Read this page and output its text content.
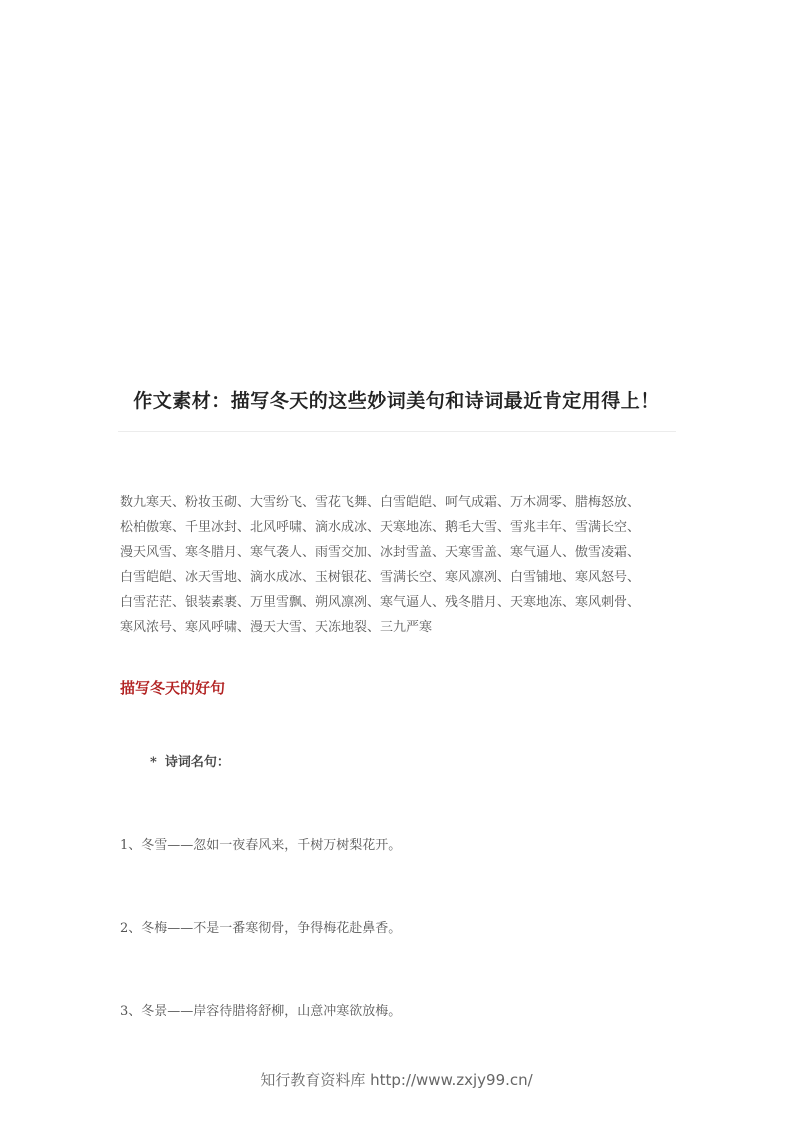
作文素材：描写冬天的这些妙词美句和诗词最近肯定用得上！
数九寒天、粉妆玉砌、大雪纷飞、雪花飞舞、白雪皑皑、呵气成霜、万木凋零、腊梅怒放、
松柏傲寒、千里冰封、北风呼啸、滴水成冰、天寒地冻、鹅毛大雪、雪兆丰年、雪满长空、
漫天风雪、寒冬腊月、寒气袭人、雨雪交加、冰封雪盖、天寒雪盖、寒气逼人、傲雪凌霜、
白雪皑皑、冰天雪地、滴水成冰、玉树银花、雪满长空、寒风凛冽、白雪铺地、寒风怒号、
白雪茫茫、银装素裹、万里雪飘、朔风凛冽、寒气逼人、残冬腊月、天寒地冻、寒风刺骨、
寒风浓号、寒风呼啸、漫天大雪、天冻地裂、三九严寒
描写冬天的好句
* 诗词名句：
1、冬雪——忽如一夜春风来，千树万树梨花开。
2、冬梅——不是一番寒彻骨，争得梅花赴鼻香。
3、冬景——岸容待腊将舒柳，山意冲寒欲放梅。
知行教育资料库 http://www.zxjy99.cn/
